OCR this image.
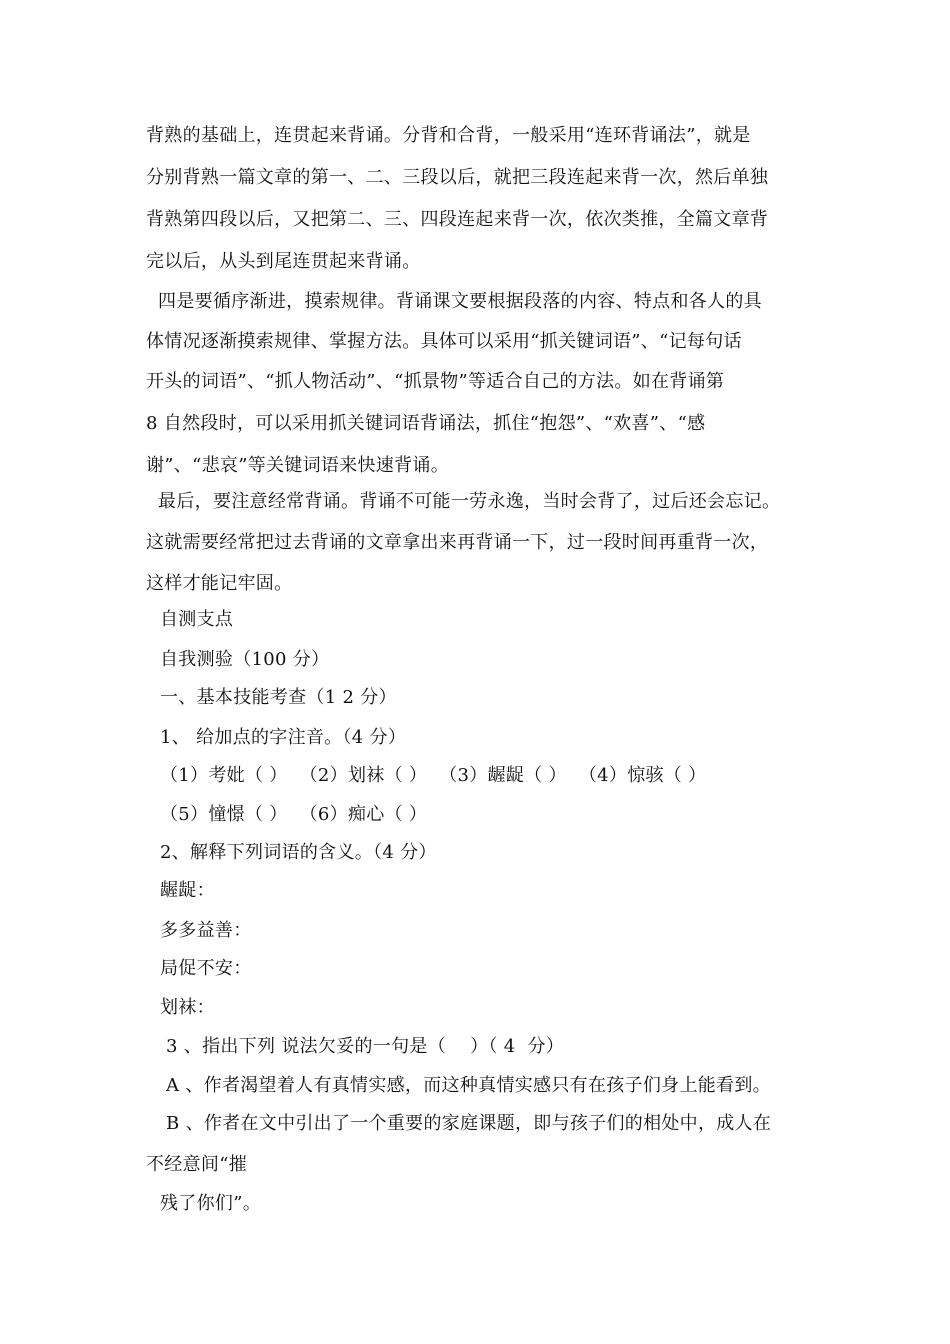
背熟的基础上，连贯起来背诵。分背和合背，一般采用“连环背诵法”，就是
分别背熟一篇文章的第一、二、三段以后，就把三段连起来背一次，然后单独
背熟第四段以后，又把第二、三、四段连起来背一次，依次类推，全篇文章背
完以后，从头到尾连贯起来背诵。
四是要循序渐进，摸索规律。背诵课文要根据段落的内容、特点和各人的具
体情况逐渐摸索规律、掌握方法。具体可以采用“抓关键词语”、“记每句话
开头的词语”、“抓人物活动”、“抓景物”等适合自己的方法。如在背诵第
8 自然段时，可以采用抓关键词语背诵法，抓住“抱怨”、“欢喜”、“感
谢”、“悲哀”等关键词语来快速背诵。
最后，要注意经常背诵。背诵不可能一劳永逸，当时会背了，过后还会忘记。
这就需要经常把过去背诵的文章拿出来再背诵一下，过一段时间再重背一次，
这样才能记牢固。
自测支点
自我测验（100 分）
一、基本技能考查（1 2 分）
1、 给加点的字注音。（4 分）
（1）考妣（ ）  （2）划袜（ ）  （3）龌龊（ ）  （4）惊骇（ ）
（5）憧憬（ ）  （6）痴心（ ）
2、解释下列词语的含义。（4 分）
龌龊：
多多益善：
局促不安：
划袜：
3 、指出下列 说法欠妥的一句是（    ）（ 4  分）
A 、作者渴望着人有真情实感，而这种真情实感只有在孩子们身上能看到。
B 、作者在文中引出了一个重要的家庭课题，即与孩子们的相处中，成人在
不经意间“摧
残了你们”。
